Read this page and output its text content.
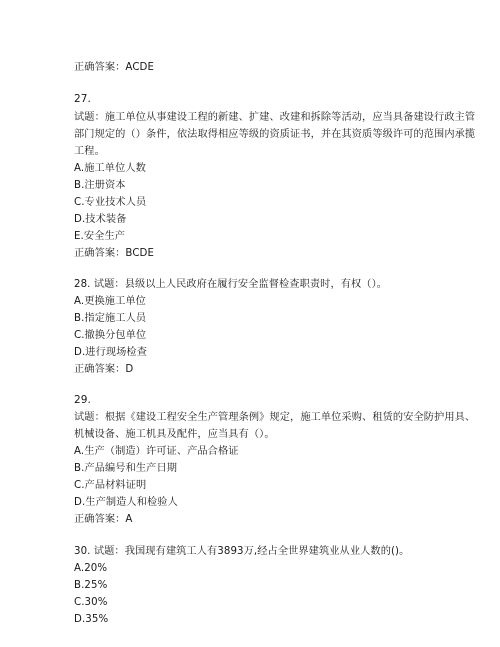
正确答案：ACDE
27.
试题：施工单位从事建设工程的新建、扩建、改建和拆除等活动，应当具备建设行政主管
部门规定的（）条件，依法取得相应等级的资质证书，并在其资质等级许可的范围内承揽
工程。
A.施工单位人数
B.注册资本
C.专业技术人员
D.技术装备
E.安全生产
正确答案：BCDE
28. 试题：县级以上人民政府在履行安全监督检查职责时，有权（）。
A.更换施工单位
B.指定施工人员
C.撤换分包单位
D.进行现场检查
正确答案：D
29.
试题：根据《建设工程安全生产管理条例》规定，施工单位采购、租赁的安全防护用具、
机械设备、施工机具及配件，应当具有（）。
A.生产（制造）许可证、产品合格证
B.产品编号和生产日期
C.产品材料证明
D.生产制造人和检验人
正确答案：A
30. 试题：我国现有建筑工人有3893万,经占全世界建筑业从业人数的()。
A.20%
B.25%
C.30%
D.35%
